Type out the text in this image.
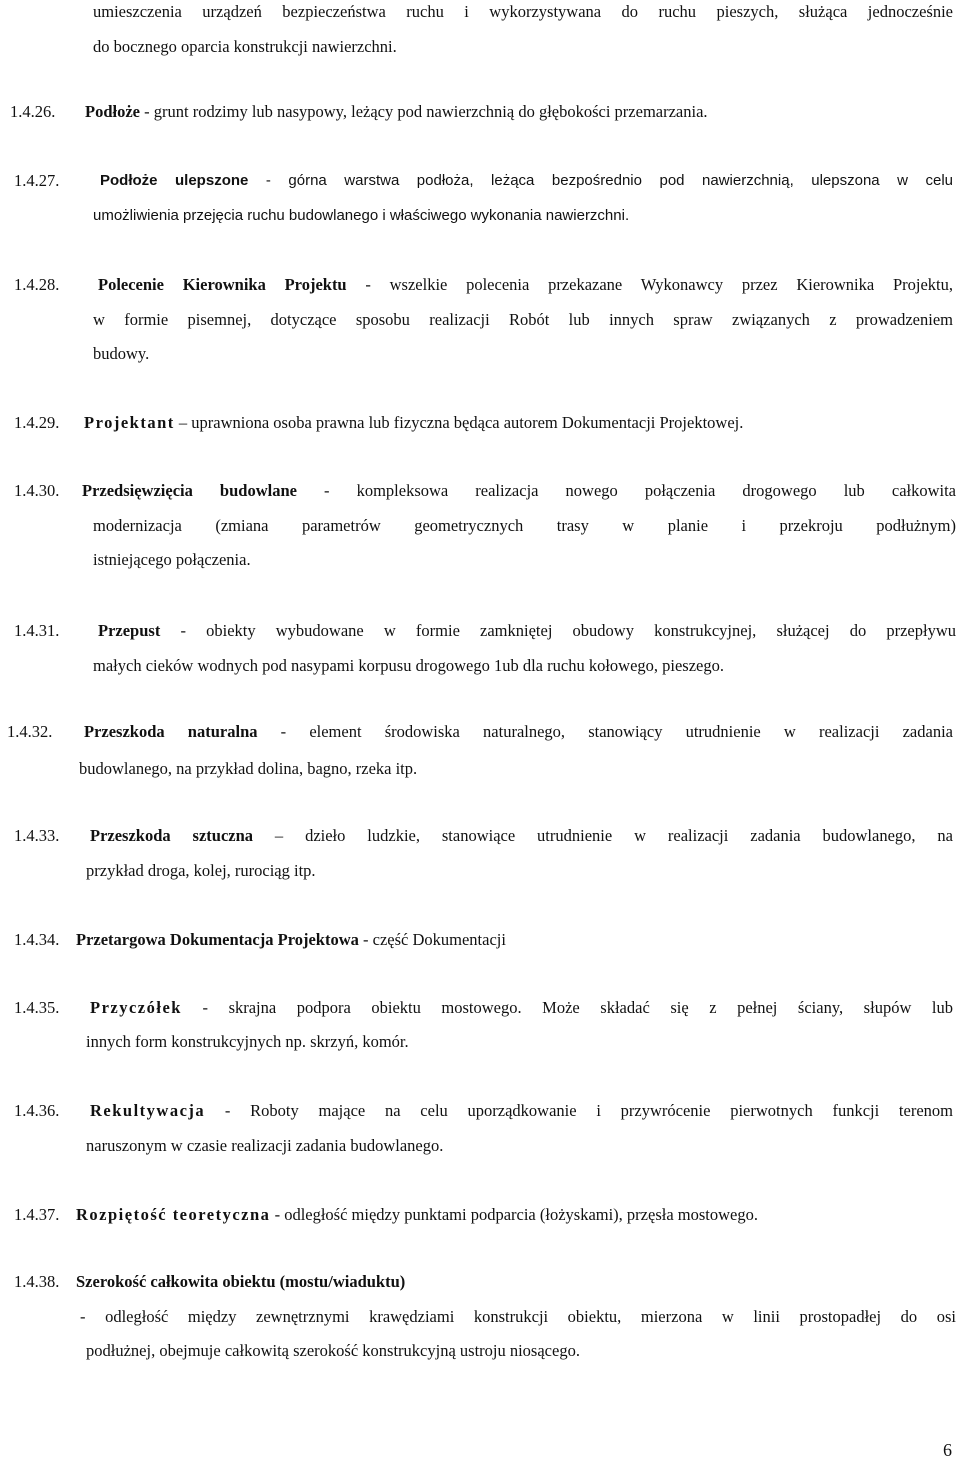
umieszczenia urządzeń bezpieczeństwa ruchu i wykorzystywana do ruchu pieszych, służąca jednocześnie
do bocznego oparcia konstrukcji nawierzchni.
1.4.26. Podłoże - grunt rodzimy lub nasypowy, leżący pod nawierzchnią do głębokości przemarzania.
1.4.27.	Podłoże ulepszone - górna warstwa podłoża, leżąca bezpośrednio pod nawierzchnią, ulepszona w celu
umożliwienia przejęcia ruchu budowlanego i właściwego wykonania nawierzchni.
1.4.28. Polecenie Kierownika Projektu - wszelkie polecenia przekazane Wykonawcy przez Kierownika Projektu,
w formie pisemnej, dotyczące sposobu realizacji Robót lub innych spraw związanych z prowadzeniem
budowy.
1.4.29. Projektant – uprawniona osoba prawna lub fizyczna będąca autorem Dokumentacji Projektowej.
1.4.30. Przedsięwzięcia budowlane - kompleksowa realizacja nowego połączenia drogowego lub całkowita
modernizacja (zmiana parametrów geometrycznych trasy w planie i przekroju podłużnym)
istniejącego połączenia.
1.4.31. Przepust - obiekty wybudowane w formie zamkniętej obudowy konstrukcyjnej, służącej do przepływu
małych cieków wodnych pod nasypami korpusu drogowego 1ub dla ruchu kołowego, pieszego.
1.4.32. Przeszkoda naturalna - element środowiska naturalnego, stanowiący utrudnienie w realizacji zadania
budowlanego, na przykład dolina, bagno, rzeka itp.
1.4.33. Przeszkoda sztuczna – dzieło ludzkie, stanowiące utrudnienie w realizacji zadania budowlanego, na
przykład droga, kolej, rurociąg itp.
1.4.34. Przetargowa Dokumentacja Projektowa - część Dokumentacji
1.4.35. Przyczółek - skrajna podpora obiektu mostowego. Może składać się z pełnej ściany, słupów lub
innych form konstrukcyjnych np. skrzyń, komór.
1.4.36. Rekultywacja - Roboty mające na celu uporządkowanie i przywrócenie pierwotnych funkcji terenom
naruszonym w czasie realizacji zadania budowlanego.
1.4.37. Rozpiętość teoretyczna - odległość między punktami podparcia (łożyskami), przęsła mostowego.
1.4.38. Szerokość całkowita obiektu (mostu/wiaduktu)
- odległość między zewnętrznymi krawędziami konstrukcji obiektu, mierzona w linii prostopadłej do osi
podłużnej, obejmuje całkowitą szerokość konstrukcyjną ustroju niosącego.
6
